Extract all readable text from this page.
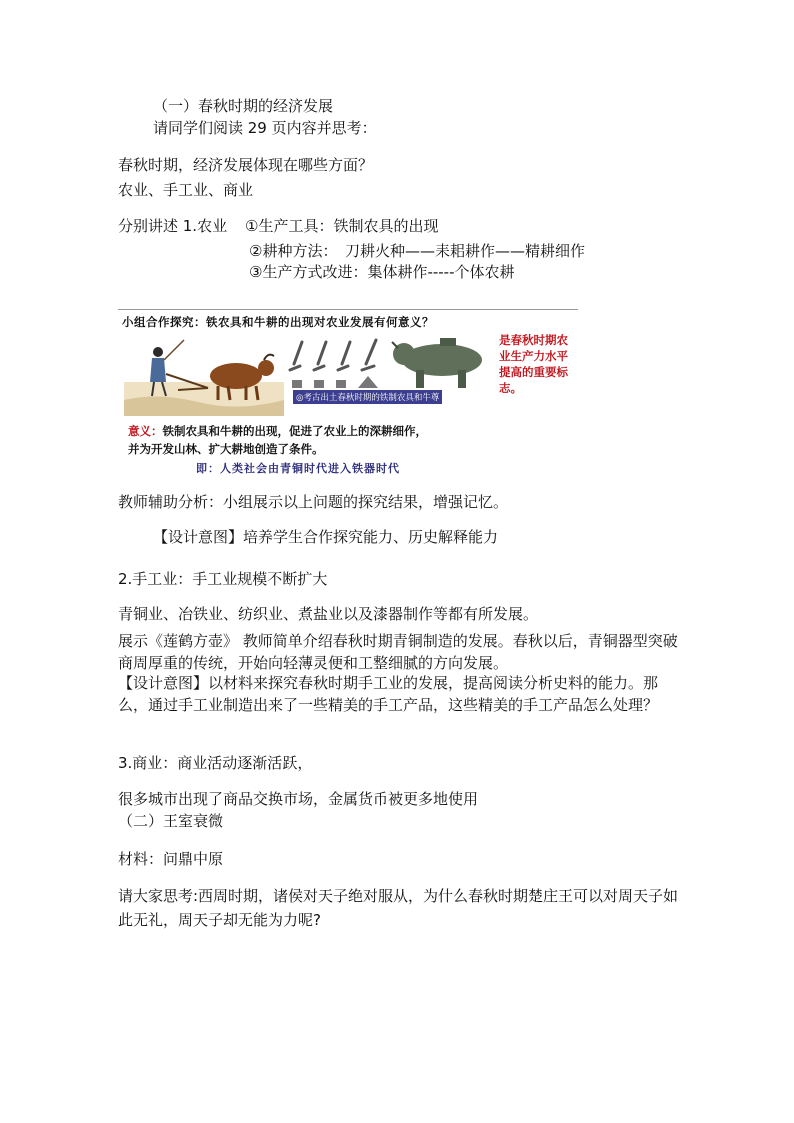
（一）春秋时期的经济发展
请同学们阅读 29 页内容并思考：
春秋时期，经济发展体现在哪些方面？
农业、手工业、商业
分别讲述 1.农业 ①生产工具：铁制农具的出现
②耕种方法：　刀耕火种——耒耜耕作——精耕细作
③生产方式改进：集体耕作-----个体农耕
小组合作探究：铁农具和牛耕的出现对农业发展有何意义？
◎考古出土春秋时期的铁制农具和牛尊
是春秋时期农业生产力水平提高的重要标志。
意义：铁制农具和牛耕的出现，促进了农业上的深耕细作，
并为开发山林、扩大耕地创造了条件。
即：人类社会由青铜时代进入铁器时代
教师辅助分析：小组展示以上问题的探究结果，增强记忆。
【设计意图】培养学生合作探究能力、历史解释能力
2.手工业：手工业规模不断扩大
青铜业、冶铁业、纺织业、煮盐业以及漆器制作等都有所发展。
展示《莲鹤方壶》 教师简单介绍春秋时期青铜制造的发展。春秋以后，青铜器型突破商周厚重的传统，开始向轻薄灵便和工整细腻的方向发展。
【设计意图】以材料来探究春秋时期手工业的发展，提高阅读分析史料的能力。那么，通过手工业制造出来了一些精美的手工产品，这些精美的手工产品怎么处理？
3.商业：商业活动逐渐活跃，
很多城市出现了商品交换市场，金属货币被更多地使用
（二）王室衰微
材料：问鼎中原
请大家思考:西周时期，诸侯对天子绝对服从，为什么春秋时期楚庄王可以对周天子如此无礼，周天子却无能为力呢?
